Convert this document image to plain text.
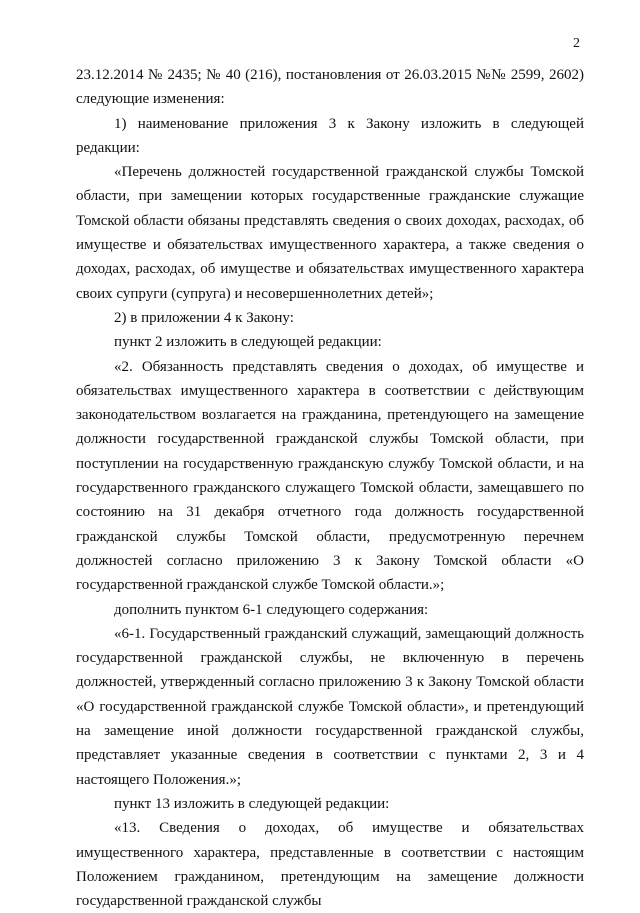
2

23.12.2014 № 2435; № 40 (216), постановления от 26.03.2015 №№ 2599, 2602) следующие изменения:

1) наименование приложения 3 к Закону изложить в следующей редакции:

«Перечень должностей государственной гражданской службы Томской области, при замещении которых государственные гражданские служащие Томской области обязаны представлять сведения о своих доходах, расходах, об имуществе и обязательствах имущественного характера, а также сведения о доходах, расходах, об имуществе и обязательствах имущественного характера своих супруги (супруга) и несовершеннолетних детей»;

2) в приложении 4 к Закону:

пункт 2 изложить в следующей редакции:

«2. Обязанность представлять сведения о доходах, об имуществе и обязательствах имущественного характера в соответствии с действующим законодательством возлагается на гражданина, претендующего на замещение должности государственной гражданской службы Томской области, при поступлении на государственную гражданскую службу Томской области, и на государственного гражданского служащего Томской области, замещавшего по состоянию на 31 декабря отчетного года должность государственной гражданской службы Томской области, предусмотренную перечнем должностей согласно приложению 3 к Закону Томской области «О государственной гражданской службе Томской области.»;

дополнить пунктом 6-1 следующего содержания:

«6-1. Государственный гражданский служащий, замещающий должность государственной гражданской службы, не включенную в перечень должностей, утвержденный согласно приложению 3 к Закону Томской области «О государственной гражданской службе Томской области», и претендующий на замещение иной должности государственной гражданской службы, представляет указанные сведения в соответствии с пунктами 2, 3 и 4 настоящего Положения.»;

пункт 13 изложить в следующей редакции:

«13. Сведения о доходах, об имуществе и обязательствах имущественного характера, представленные в соответствии с настоящим Положением гражданином, претендующим на замещение должности государственной гражданской службы
